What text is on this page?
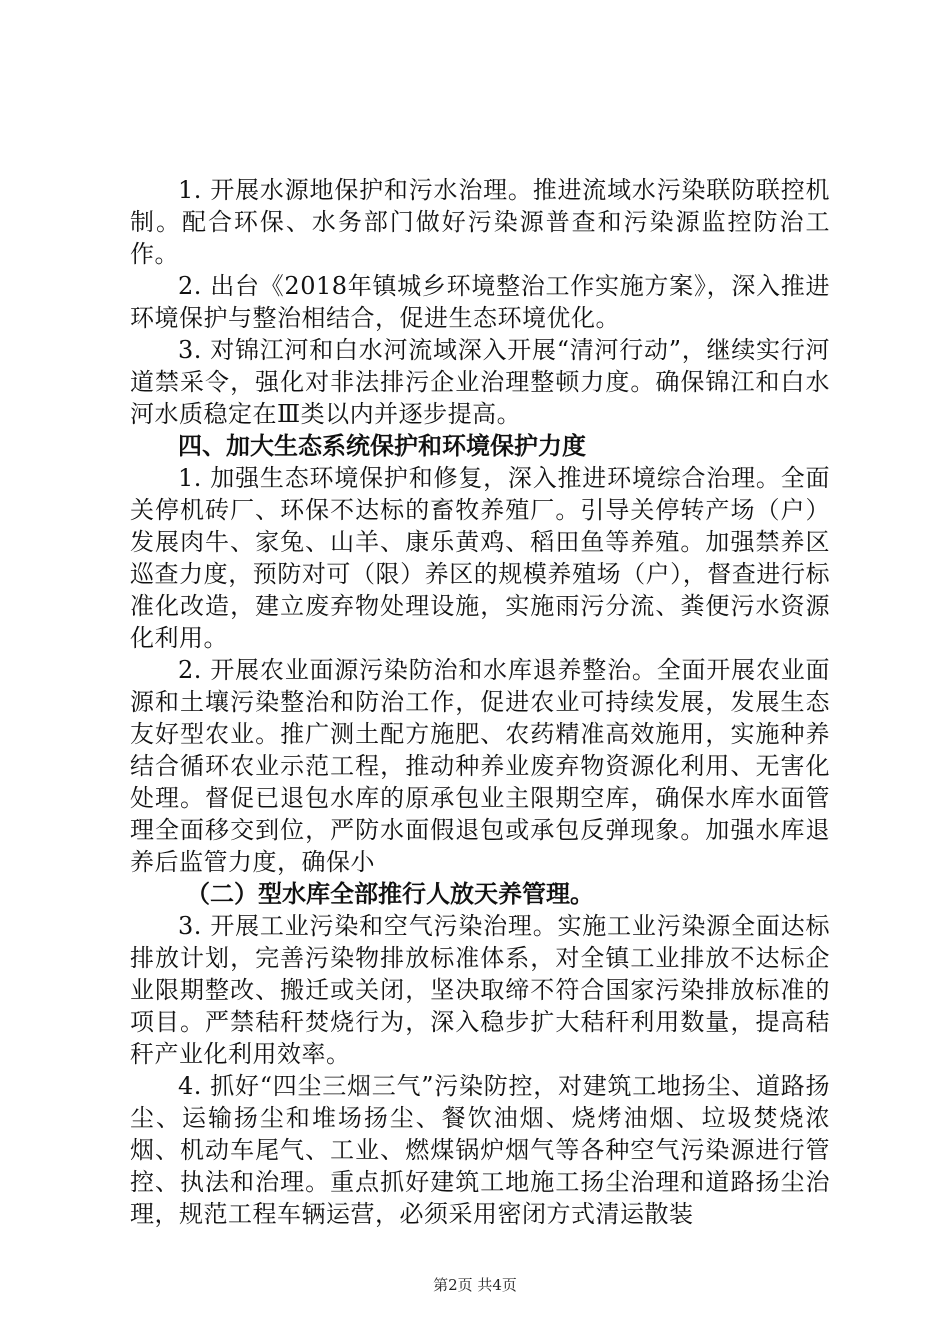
1. 开展水源地保护和污水治理。推进流域水污染联防联控机制。配合环保、水务部门做好污染源普查和污染源监控防治工作。

2. 出台《2018年镇城乡环境整治工作实施方案》，深入推进环境保护与整治相结合，促进生态环境优化。

3. 对锦江河和白水河流域深入开展“清河行动”，继续实行河道禁采令，强化对非法排污企业治理整顿力度。确保锦江和白水河水质稳定在Ⅲ类以内并逐步提高。

四、加大生态系统保护和环境保护力度

1. 加强生态环境保护和修复，深入推进环境综合治理。全面关停机砖厂、环保不达标的畜牧养殖厂。引导关停转产场（户）发展肉牛、家兔、山羊、康乐黄鸡、稻田鱼等养殖。加强禁养区巡查力度，预防对可（限）养区的规模养殖场（户），督查进行标准化改造，建立废弃物处理设施，实施雨污分流、粪便污水资源化利用。

2. 开展农业面源污染防治和水库退养整治。全面开展农业面源和土壤污染整治和防治工作，促进农业可持续发展，发展生态友好型农业。推广测土配方施肥、农药精准高效施用，实施种养结合循环农业示范工程，推动种养业废弃物资源化利用、无害化处理。督促已退包水库的原承包业主限期空库，确保水库水面管理全面移交到位，严防水面假退包或承包反弹现象。加强水库退养后监管力度，确保小

（二）型水库全部推行人放天养管理。

3. 开展工业污染和空气污染治理。实施工业污染源全面达标排放计划，完善污染物排放标准体系，对全镇工业排放不达标企业限期整改、搬迁或关闭，坚决取缔不符合国家污染排放标准的项目。严禁秸秆焚烧行为，深入稳步扩大秸秆利用数量，提高秸秆产业化利用效率。

4. 抓好“四尘三烟三气”污染防控，对建筑工地扬尘、道路扬尘、运输扬尘和堆场扬尘、餐饮油烟、烧烤油烟、垃圾焚烧浓烟、机动车尾气、工业、燃煤锅炉烟气等各种空气污染源进行管控、执法和治理。重点抓好建筑工地施工扬尘治理和道路扬尘治理，规范工程车辆运营，必须采用密闭方式清运散装

第2页 共4页
